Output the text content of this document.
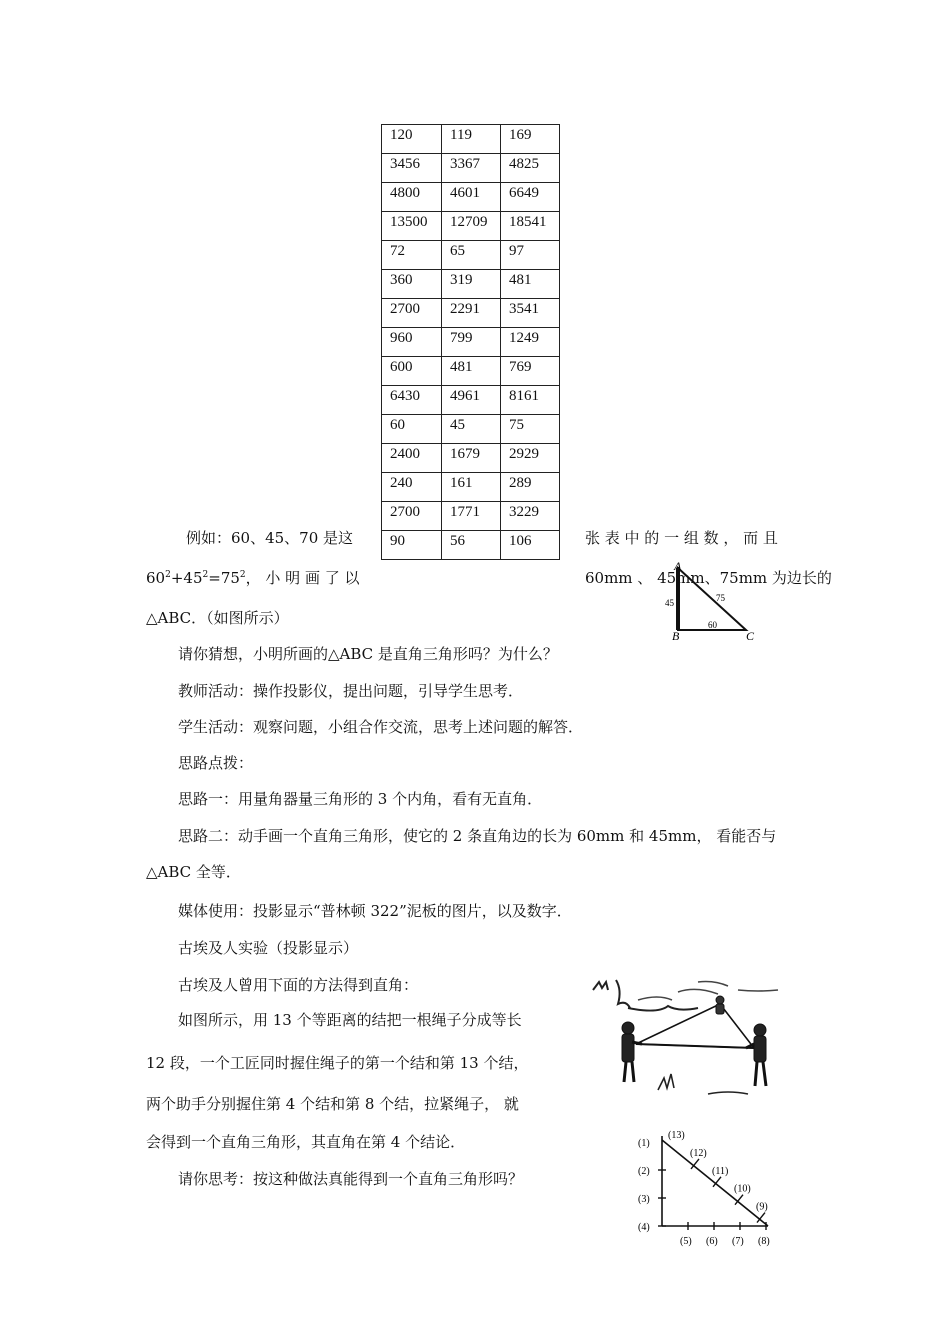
120	119	169
3456	3367	4825
4800	4601	6649
13500	12709	18541
72	65	97
360	319	481
2700	2291	3541
960	799	1249
600	481	769
6430	4961	8161
60	45	75
2400	1679	2929
240	161	289
2700	1771	3229
90	56	106
例如：60、45、70 是这	张 表 中 的 一 组 数 ， 而 且
$60^2+45^2=75^2$， 小 明 画 了 以	60mm 、 45mm、75mm 为边长的
△ABC．（如图所示）
A
B	C
45	75
60
请你猜想，小明所画的△ABC 是直角三角形吗？为什么？
教师活动：操作投影仪，提出问题，引导学生思考．
学生活动：观察问题，小组合作交流，思考上述问题的解答．
思路点拨：
思路一：用量角器量三角形的 3 个内角，看有无直角．
思路二：动手画一个直角三角形，使它的 2 条直角边的长为 60mm 和 45mm， 看能否与
△ABC 全等．
媒体使用：投影显示“普林顿 322”泥板的图片，以及数字．
古埃及人实验（投影显示）
古埃及人曾用下面的方法得到直角：
如图所示，用 13 个等距离的结把一根绳子分成等长
12 段，一个工匠同时握住绳子的第一个结和第 13 个结，
两个助手分别握住第 4 个结和第 8 个结，拉紧绳子， 就
会得到一个直角三角形，其直角在第 4 个结论．
请你思考：按这种做法真能得到一个直角三角形吗？
(1)
(2)
(3)
(4)
(5) (6) (7) (8)
(13)
(12)
(11)
(10)
(9)
